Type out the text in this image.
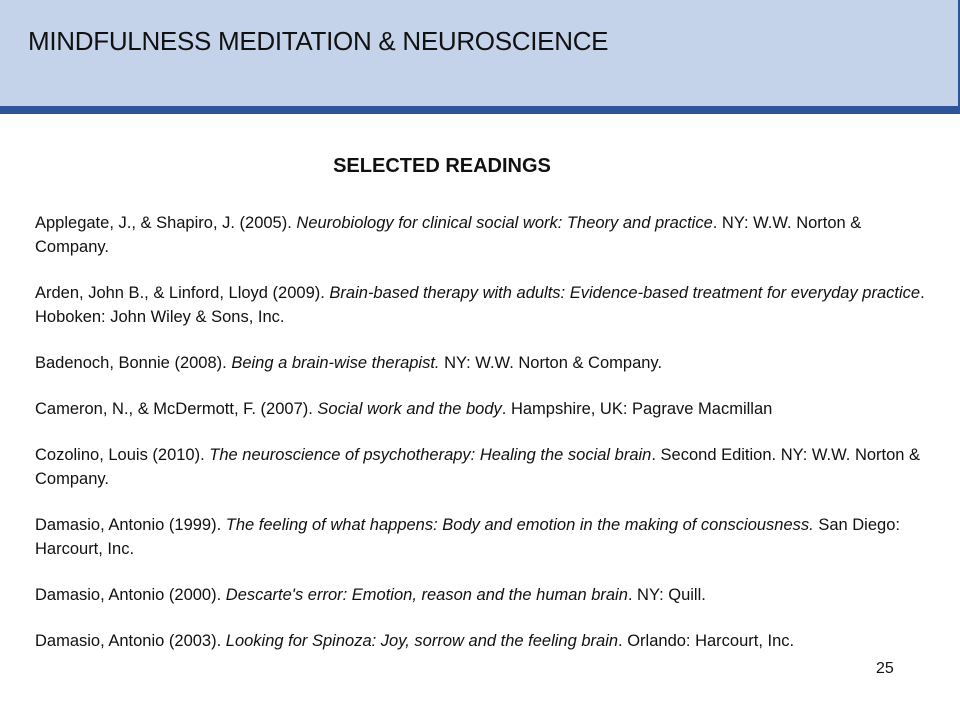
MINDFULNESS MEDITATION & NEUROSCIENCE
SELECTED READINGS
Applegate, J., & Shapiro, J. (2005). Neurobiology for clinical social work: Theory and practice. NY: W.W. Norton & Company.
Arden, John B., & Linford, Lloyd (2009). Brain-based therapy with adults: Evidence-based treatment for everyday practice. Hoboken: John Wiley & Sons, Inc.
Badenoch, Bonnie (2008). Being a brain-wise therapist. NY: W.W. Norton & Company.
Cameron, N., & McDermott, F. (2007). Social work and the body. Hampshire, UK: Pagrave Macmillan
Cozolino, Louis (2010). The neuroscience of psychotherapy: Healing the social brain. Second Edition. NY: W.W. Norton & Company.
Damasio, Antonio (1999). The feeling of what happens: Body and emotion in the making of consciousness. San Diego: Harcourt, Inc.
Damasio, Antonio (2000). Descarte's error: Emotion, reason and the human brain. NY: Quill.
Damasio, Antonio (2003). Looking for Spinoza: Joy, sorrow and the feeling brain. Orlando: Harcourt, Inc.
25
